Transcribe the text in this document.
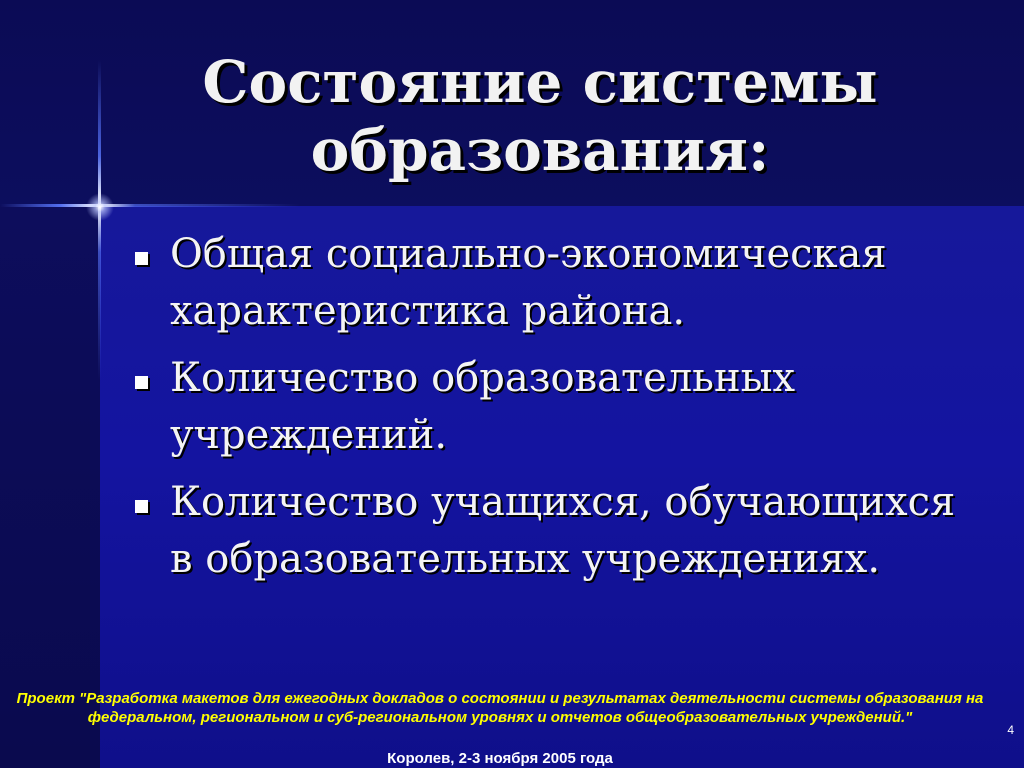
Состояние системы образования:
Общая социально-экономическая характеристика района.
Количество образовательных учреждений.
Количество учащихся, обучающихся в образовательных учреждениях.
Проект "Разработка макетов для ежегодных докладов о состоянии и результатах деятельности системы образования на федеральном, региональном и суб-региональном уровнях и отчетов общеобразовательных учреждений."
Королев, 2-3 ноября 2005 года
4
